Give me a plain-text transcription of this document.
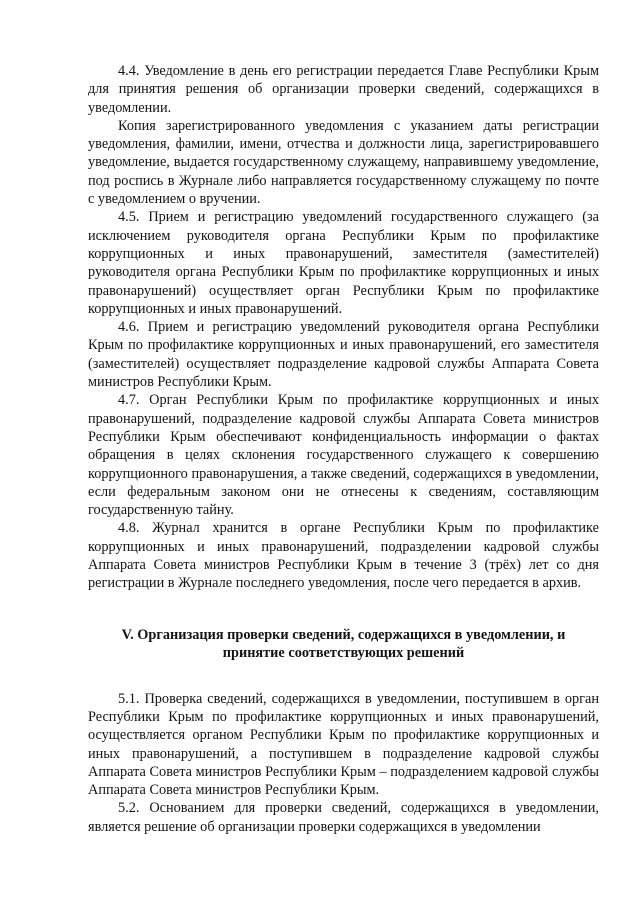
4.4. Уведомление в день его регистрации передается Главе Республики Крым для принятия решения об организации проверки сведений, содержащихся в уведомлении.

Копия зарегистрированного уведомления с указанием даты регистрации уведомления, фамилии, имени, отчества и должности лица, зарегистрировавшего уведомление, выдается государственному служащему, направившему уведомление, под роспись в Журнале либо направляется государственному служащему по почте с уведомлением о вручении.

4.5. Прием и регистрацию уведомлений государственного служащего (за исключением руководителя органа Республики Крым по профилактике коррупционных и иных правонарушений, заместителя (заместителей) руководителя органа Республики Крым по профилактике коррупционных и иных правонарушений) осуществляет орган Республики Крым по профилактике коррупционных и иных правонарушений.

4.6. Прием и регистрацию уведомлений руководителя органа Республики Крым по профилактике коррупционных и иных правонарушений, его заместителя (заместителей) осуществляет подразделение кадровой службы Аппарата Совета министров Республики Крым.

4.7. Орган Республики Крым по профилактике коррупционных и иных правонарушений, подразделение кадровой службы Аппарата Совета министров Республики Крым обеспечивают конфиденциальность информации о фактах обращения в целях склонения государственного служащего к совершению коррупционного правонарушения, а также сведений, содержащихся в уведомлении, если федеральным законом они не отнесены к сведениям, составляющим государственную тайну.

4.8. Журнал хранится в органе Республики Крым по профилактике коррупционных и иных правонарушений, подразделении кадровой службы Аппарата Совета министров Республики Крым в течение 3 (трёх) лет со дня регистрации в Журнале последнего уведомления, после чего передается в архив.

V. Организация проверки сведений, содержащихся в уведомлении, и принятие соответствующих решений

5.1. Проверка сведений, содержащихся в уведомлении, поступившем в орган Республики Крым по профилактике коррупционных и иных правонарушений, осуществляется органом Республики Крым по профилактике коррупционных и иных правонарушений, а поступившем в подразделение кадровой службы Аппарата Совета министров Республики Крым – подразделением кадровой службы Аппарата Совета министров Республики Крым.

5.2. Основанием для проверки сведений, содержащихся в уведомлении, является решение об организации проверки содержащихся в уведомлении
